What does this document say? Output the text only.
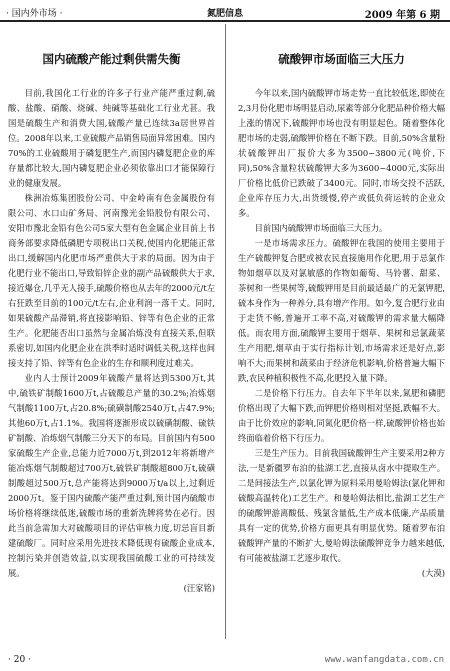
· 国内外市场 ·	氮肥信息	2009 年第 6 期
国内硫酸产能过剩供需失衡

目前,我国化工行业的许多子行业产能严重过剩,硫酸、盐酸、硝酸、烧碱、纯碱等基础化工行业尤甚。我国是硫酸生产和消费大国,硫酸产量已连续3a居世界首位。2008年以来,工业硫酸产品销售局面异常困难。国内70%的工业硫酸用于磷复肥生产,而国内磷复肥企业的库存量都比较大,国内磷复肥企业必须依靠出口才能保障行业的健康发展。

株洲冶炼集团股份公司、中金岭南有色金属股份有限公司、水口山矿务局、河南豫光金铅股份有限公司、安阳市豫北金铅有色公司5家大型有色金属企业目前上书商务部要求降低磷肥专项税出口关税,使国内化肥能正常出口,缓解国内化肥市场严重供大于求的局面。因为由于化肥行业不能出口,导致铅锌企业的副产品硫酸供大于求,接近爆仓,几乎无人接手,硫酸价格也从去年的2000元/t左右狂跌至目前的100元/t左右,企业利润一落千丈。同时,如果硫酸产品滞销,将直接影响铅、锌等有色企业的正常生产。化肥能否出口虽然与金属冶炼没有直接关系,但联系密切,如国内化肥企业在洪季时适时调低关税,这样也间接支持了铅、锌等有色企业的生存和顺利度过难关。

业内人士预计2009年硫酸产量将达到5300万t,其中,硫铁矿制酸1600万t,占硫酸总产量的30.2%;冶炼烟气制酸1100万t,占20.8%;硫磺制酸2540万t,占47.9%;其他60万t,占1.1%。我国将逐渐形成以硫磺制酸、硫铁矿制酸、冶炼烟气制酸三分天下的布局。目前国内有500家硫酸生产企业,总能力近7000万t,到2012年将新增产能冶炼烟气制酸超过700万t,硫铁矿制酸超800万t,硫磺制酸超过500万t,总产能将达到9000万t/a以上,过剩近2000万t。鉴于国内硫酸产能严重过剩,预计国内硫酸市场价格将继续低迷,硫酸市场的重新洗牌将势在必行。因此当前急需加大对硫酸项目的评估审核力度,切忌盲目新建硫酸厂。同时应采用先进技术降低现有硫酸企业成本,控制污染并创造效益,以实现我国硫酸工业的可持续发展。

(汪家铭)

硫酸钾市场面临三大压力

今年以来,国内硫酸钾市场走势一直比较低迷,即使在2,3月份化肥市场明显启动,尿素等部分化肥品种价格大幅上涨的情况下,硫酸钾市场也没有明显起色。随着整体化肥市场的走弱,硫酸钾价格在不断下跌。目前,50%含量粉状硫酸钾出厂报价大多为3500~3800元(吨价,下同),50%含量粒状硫酸钾大多为3600~4000元,实际出厂价格比低价已跌破了3400元。同时,市场交投不活跃,企业库存压力大,出货缓慢,停产或低负荷运转的企业众多。

目前国内硫酸钾市场面临三大压力。

一是市场需求压力。硫酸钾在我国的使用主要用于生产硫酸钾复合肥或被农民直接施用作化肥,用于忌氯作物如烟草以及对氯敏感的作物如葡萄、马铃薯、甜菜、茶树和一些果树等,硫酸钾用是目前最适最广的无氯钾肥,硫本身作为一种养分,具有增产作用。如今,复合肥行业由于走货不畅,普遍开工率不高,对硫酸钾的需求量大幅降低。而农用方面,硫酸钾主要用于烟草、果树和忌氯蔬菜生产用肥,烟草由于实行指标计划,市场需求还是好点,影响不大;而果树和蔬菜由于经济危机影响,价格普遍大幅下跌,农民种植积极性不高,化肥投入量下降。

二是价格下行压力。自去年下半年以来,氮肥和磷肥价格出现了大幅下跌,而钾肥价格则相对坚挺,跌幅不大。由于比价效应的影响,同氮化肥价格一样,硫酸钾价格也始终面临着价格下行压力。

三是生产压力。目前我国硫酸钾生产主要采用2种方法,一是新疆罗布泊的盐湖工艺,直接从卤水中提取生产。二是间接法生产,以氯化钾为原料采用曼哈姆法(氯化钾和硫酸高温转化)工艺生产。和曼哈姆法相比,盐湖工艺生产的硫酸钾游离酸低、残氯含量低,生产成本低廉,产品质量具有一定的优势,价格方面更具有明显优势。随着罗布泊硫酸钾产量的不断扩大,曼哈姆法硫酸钾竞争力越来越低,有可能被盐湖工艺逐步取代。

(大漠)

· 20 ·	www.wanfangdata.com.cn
